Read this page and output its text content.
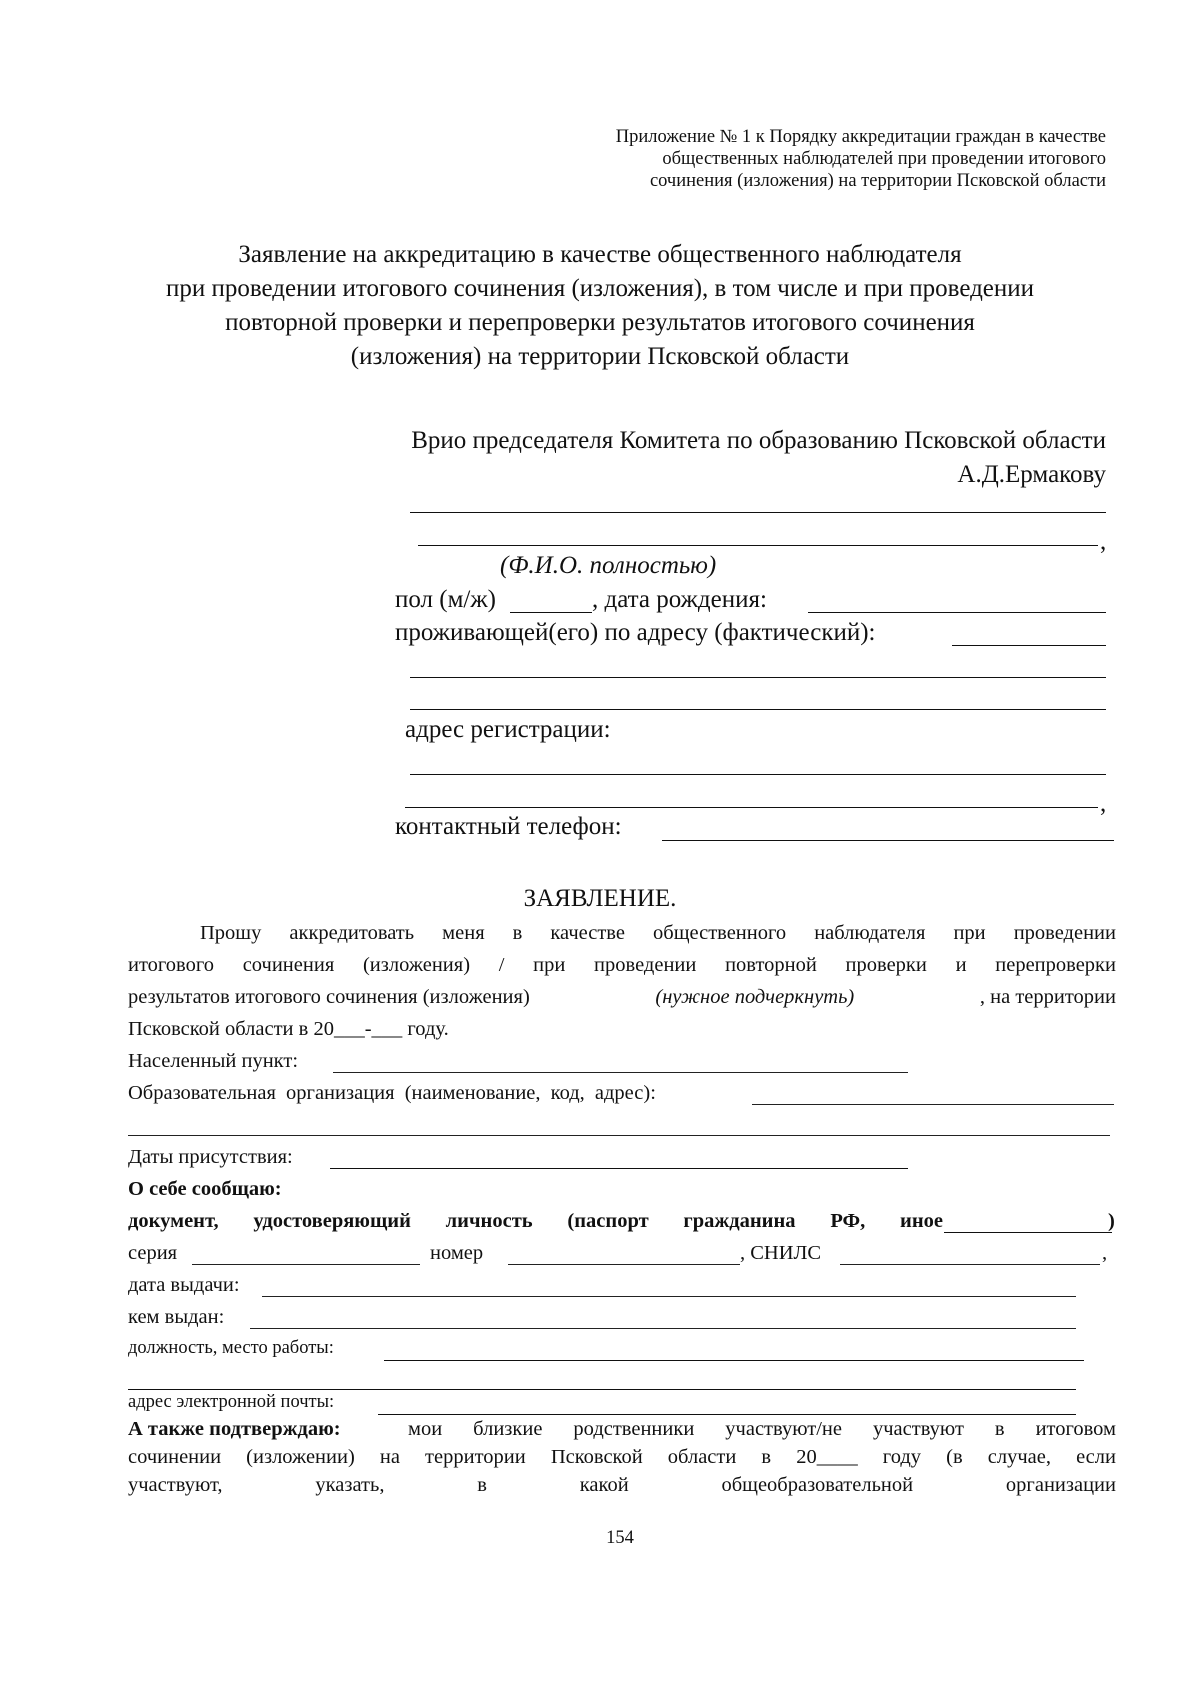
Приложение № 1 к Порядку аккредитации граждан в качестве
общественных наблюдателей при проведении итогового
сочинения (изложения) на территории Псковской области
Заявление на аккредитацию в качестве общественного наблюдателя
при проведении итогового сочинения (изложения), в том числе и при проведении
повторной проверки и перепроверки результатов итогового сочинения
(изложения) на территории Псковской области
Врио председателя Комитета по образованию Псковской области
А.Д.Ермакову
,
(Ф.И.О. полностью)
пол (м/ж)	, дата рождения:
проживающей(его) по адресу (фактический):
адрес регистрации:
,
контактный телефон:
ЗАЯВЛЕНИЕ.
Прошу аккредитовать меня в качестве общественного наблюдателя при проведении
итогового сочинения (изложения) / при проведении повторной проверки и перепроверки
результатов итогового сочинения (изложения)	(нужное подчеркнуть)	, на территории
Псковской области в 20___-___ году.
Населенный пункт:
Образовательная организация (наименование, код, адрес):
Даты присутствия:
О себе сообщаю:
документ, удостоверяющий личность (паспорт гражданина РФ, иное	)
серия	номер	, СНИЛС	,
дата выдачи:
кем выдан:
должность, место работы:
адрес электронной почты:
А также подтверждаю:	мои близкие родственники участвуют/не участвуют в итоговом
сочинении (изложении) на территории Псковской области в 20____ году (в случае, если
участвуют, указать, в какой общеобразовательной организации
154
